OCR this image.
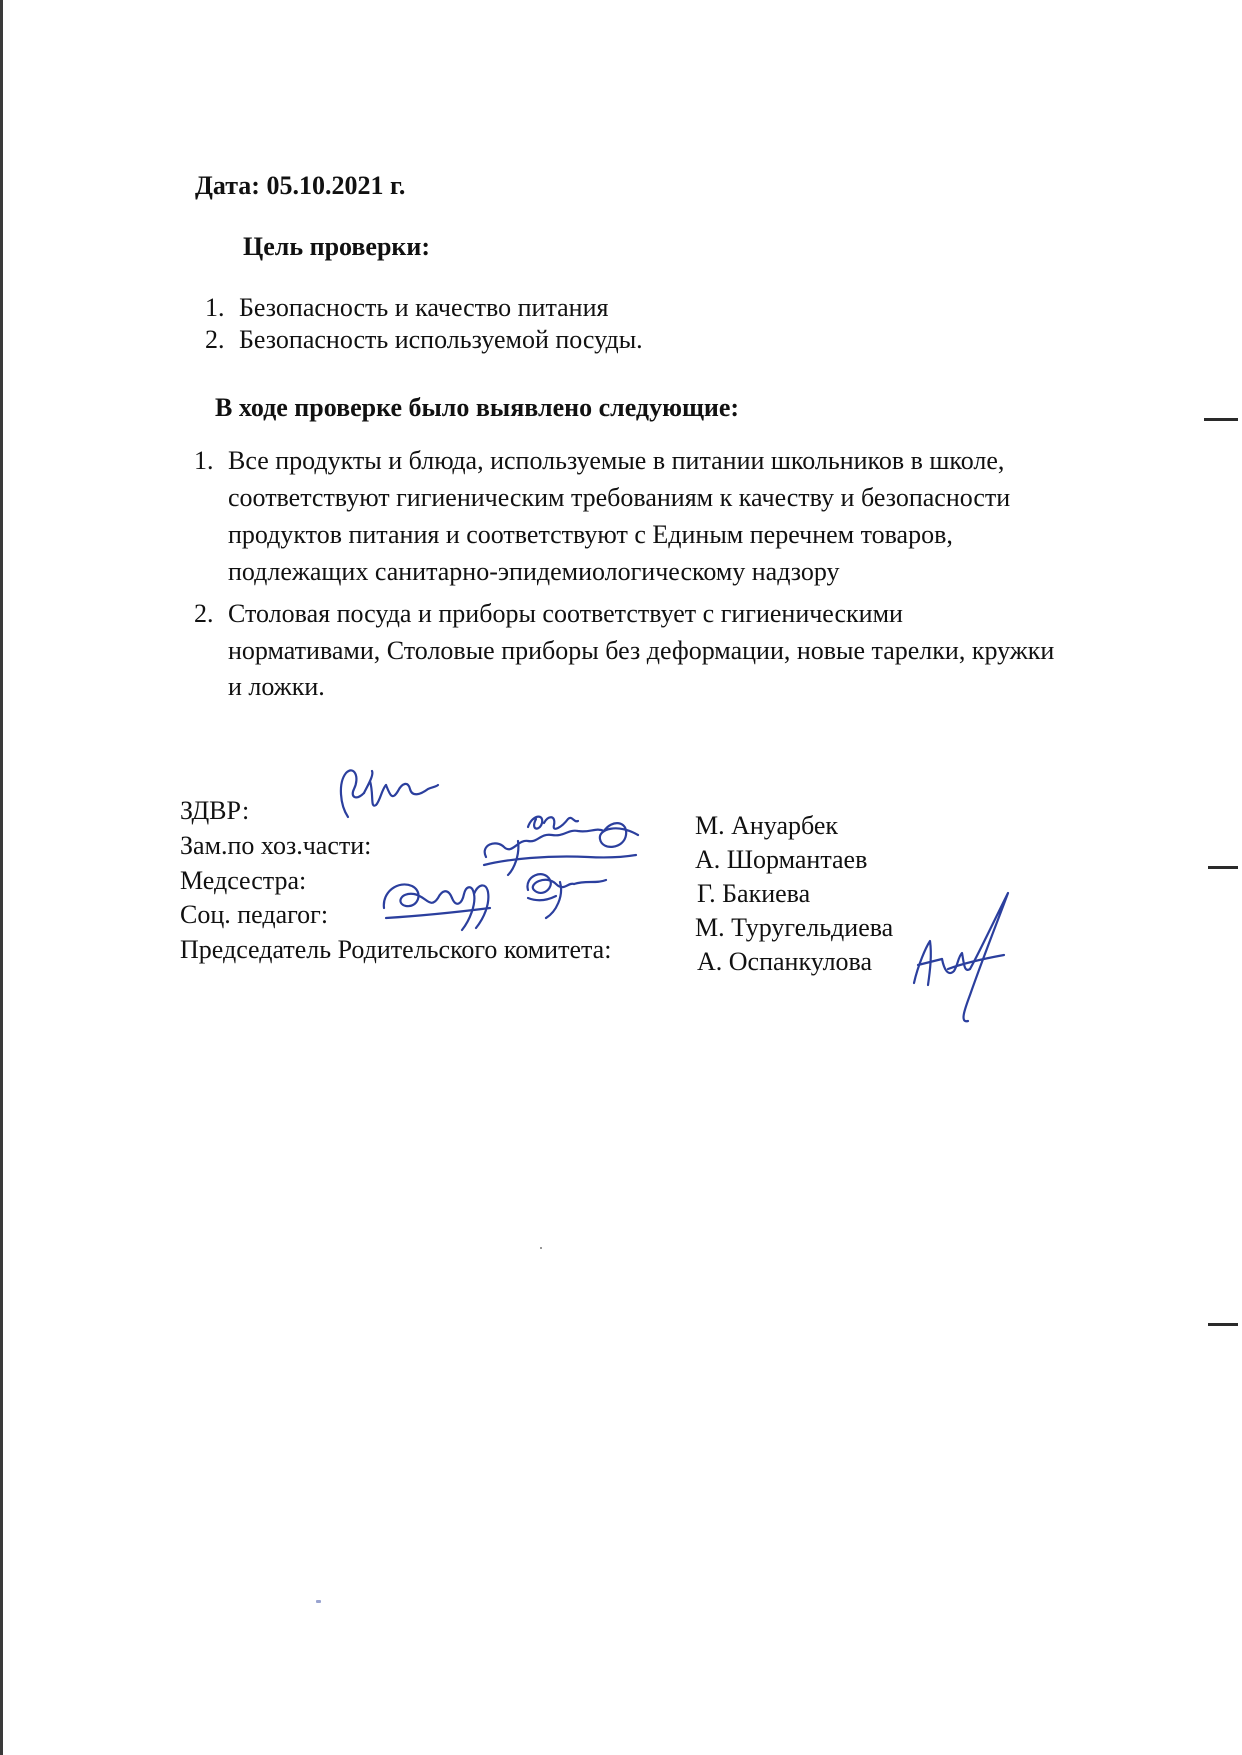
Дата: 05.10.2021 г.
Цель проверки:
1. Безопасность и качество питания
2. Безопасность используемой посуды.
В ходе проверке было выявлено следующие:
1. Все продукты и блюда, используемые в питании школьников в школе,
соответствуют гигиеническим требованиям к качеству и безопасности
продуктов питания и соответствуют с Единым перечнем товаров,
подлежащих санитарно-эпидемиологическому надзору
2. Столовая посуда и приборы соответствует с гигиеническими
нормативами, Столовые приборы без деформации, новые тарелки, кружки
и ложки.
ЗДВР:
Зам.по хоз.части:
Медсестра:
Соц. педагог:
Председатель Родительского комитета:
М. Ануарбек
А. Шормантаев
Г. Бакиева
М. Туругельдиева
А. Оспанкулова
